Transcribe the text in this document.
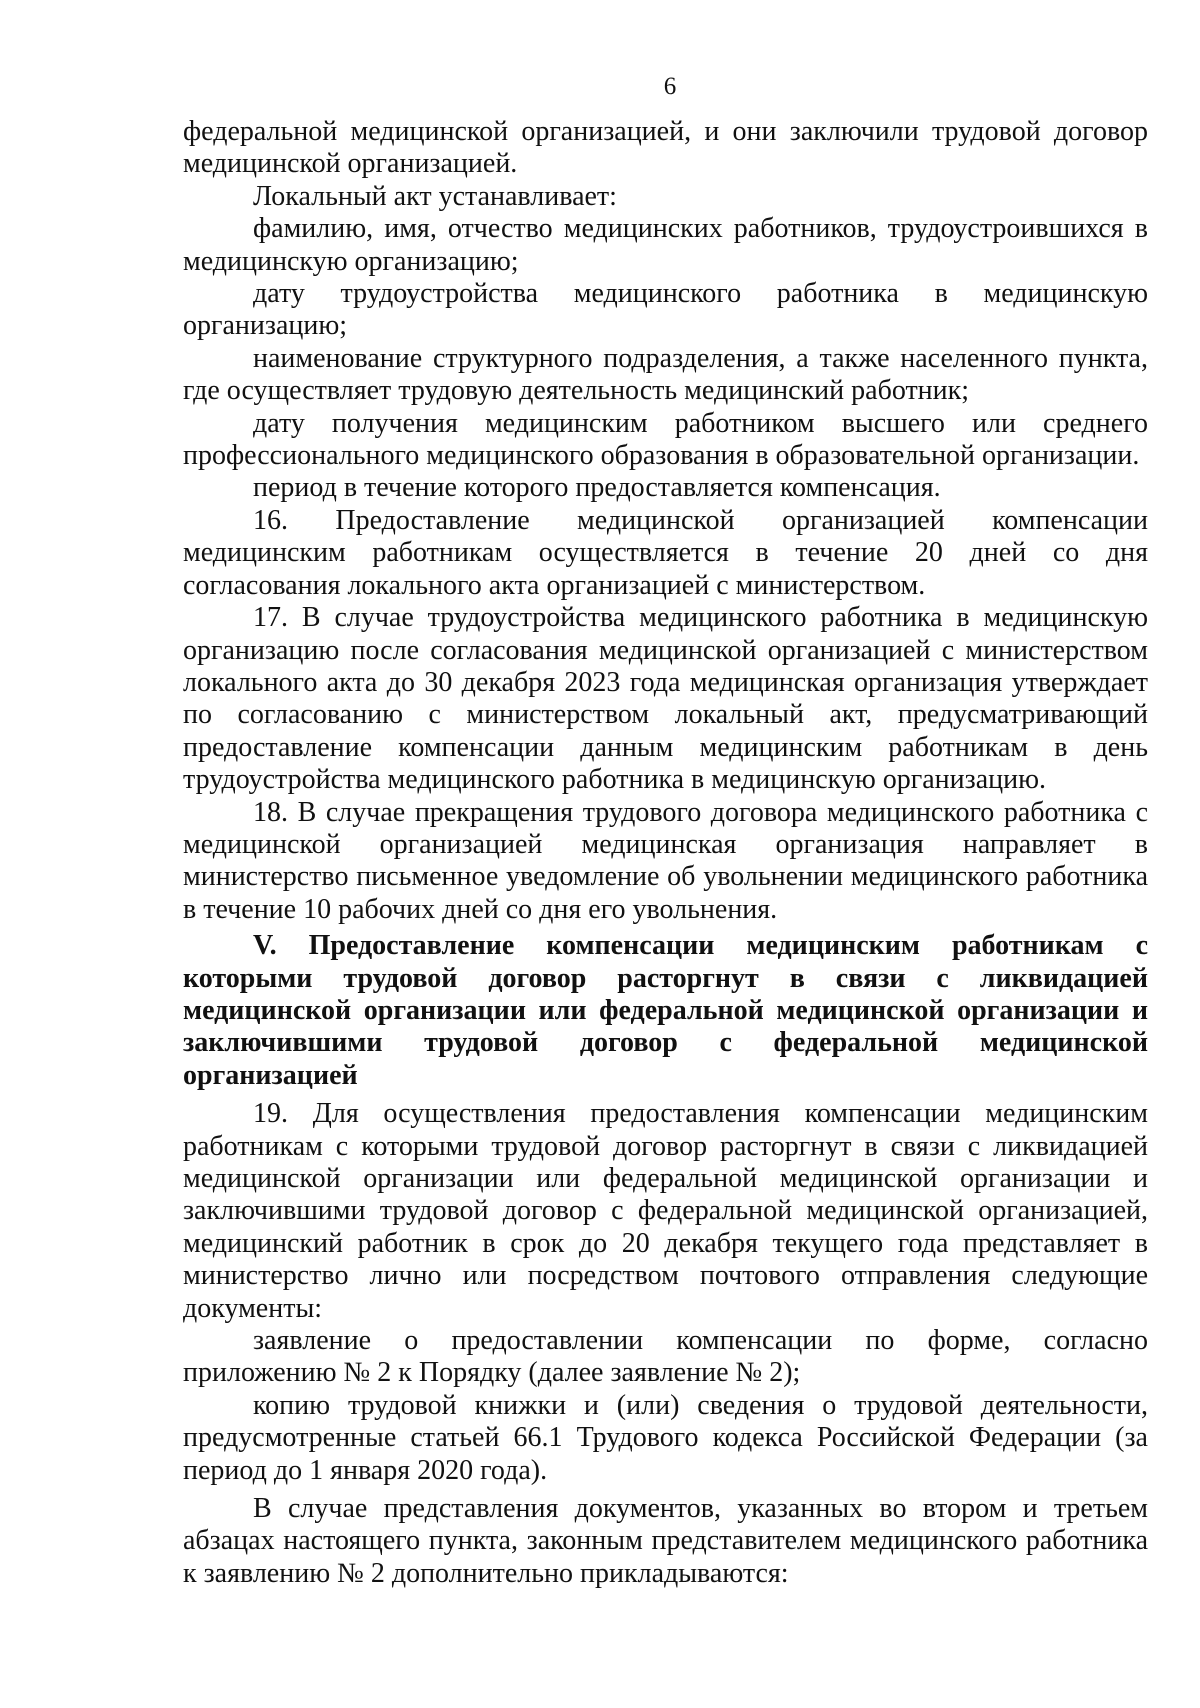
6

федеральной медицинской организацией, и они заключили трудовой договор медицинской организацией.

Локальный акт устанавливает:

фамилию, имя, отчество медицинских работников, трудоустроившихся в медицинскую организацию;

дату трудоустройства медицинского работника в медицинскую организацию;

наименование структурного подразделения, а также населенного пункта, где осуществляет трудовую деятельность медицинский работник;

дату получения медицинским работником высшего или среднего профессионального медицинского образования в образовательной организации.

период в течение которого предоставляется компенсация.

16. Предоставление медицинской организацией компенсации медицинским работникам осуществляется в течение 20 дней со дня согласования локального акта организацией с министерством.

17. В случае трудоустройства медицинского работника в медицинскую организацию после согласования медицинской организацией с министерством локального акта до 30 декабря 2023 года медицинская организация утверждает по согласованию с министерством локальный акт, предусматривающий предоставление компенсации данным медицинским работникам в день трудоустройства медицинского работника в медицинскую организацию.

18. В случае прекращения трудового договора медицинского работника с медицинской организацией медицинская организация направляет в министерство письменное уведомление об увольнении медицинского работника в течение 10 рабочих дней со дня его увольнения.

V. Предоставление компенсации медицинским работникам с которыми трудовой договор расторгнут в связи с ликвидацией медицинской организации или федеральной медицинской организации и заключившими трудовой договор с федеральной медицинской организацией

19. Для осуществления предоставления компенсации медицинским работникам с которыми трудовой договор расторгнут в связи с ликвидацией медицинской организации или федеральной медицинской организации и заключившими трудовой договор с федеральной медицинской организацией, медицинский работник в срок до 20 декабря текущего года представляет в министерство лично или посредством почтового отправления следующие документы:

заявление о предоставлении компенсации по форме, согласно приложению № 2 к Порядку (далее заявление № 2);

копию трудовой книжки и (или) сведения о трудовой деятельности, предусмотренные статьей 66.1 Трудового кодекса Российской Федерации (за период до 1 января 2020 года).

В случае представления документов, указанных во втором и третьем абзацах настоящего пункта, законным представителем медицинского работника к заявлению № 2 дополнительно прикладываются:
